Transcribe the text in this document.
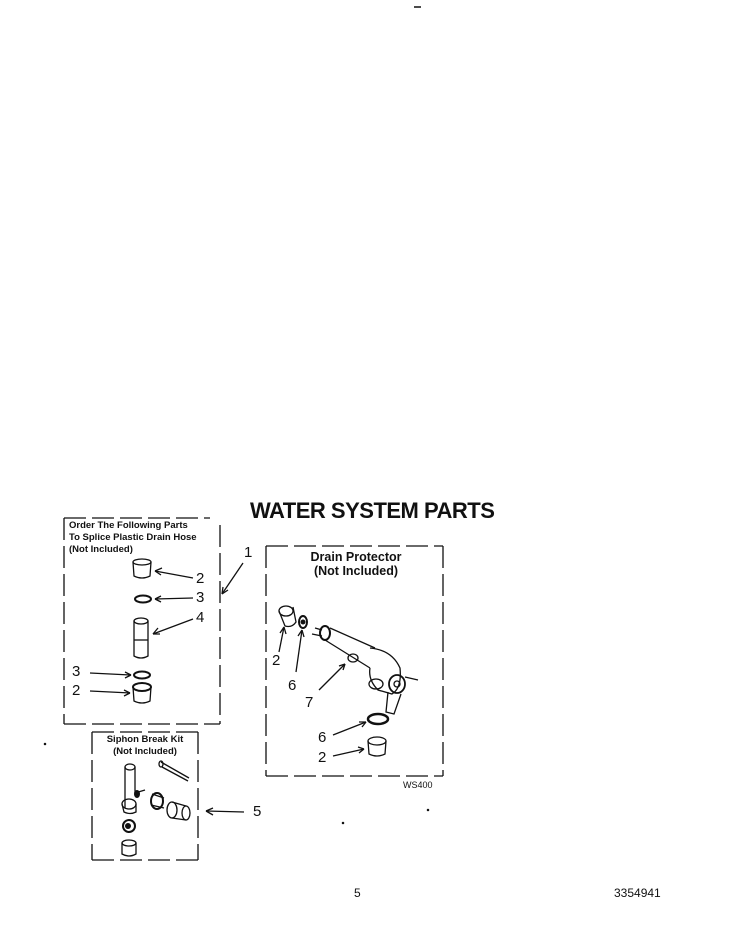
WATER SYSTEM PARTS
Order The Following Parts
To Splice Plastic Drain Hose
(Not Included)
Drain Protector
(Not Included)
Siphon Break Kit
(Not Included)
1
2
3
4
3
2
2
6
7
6
2
5
WS400
5	3354941
